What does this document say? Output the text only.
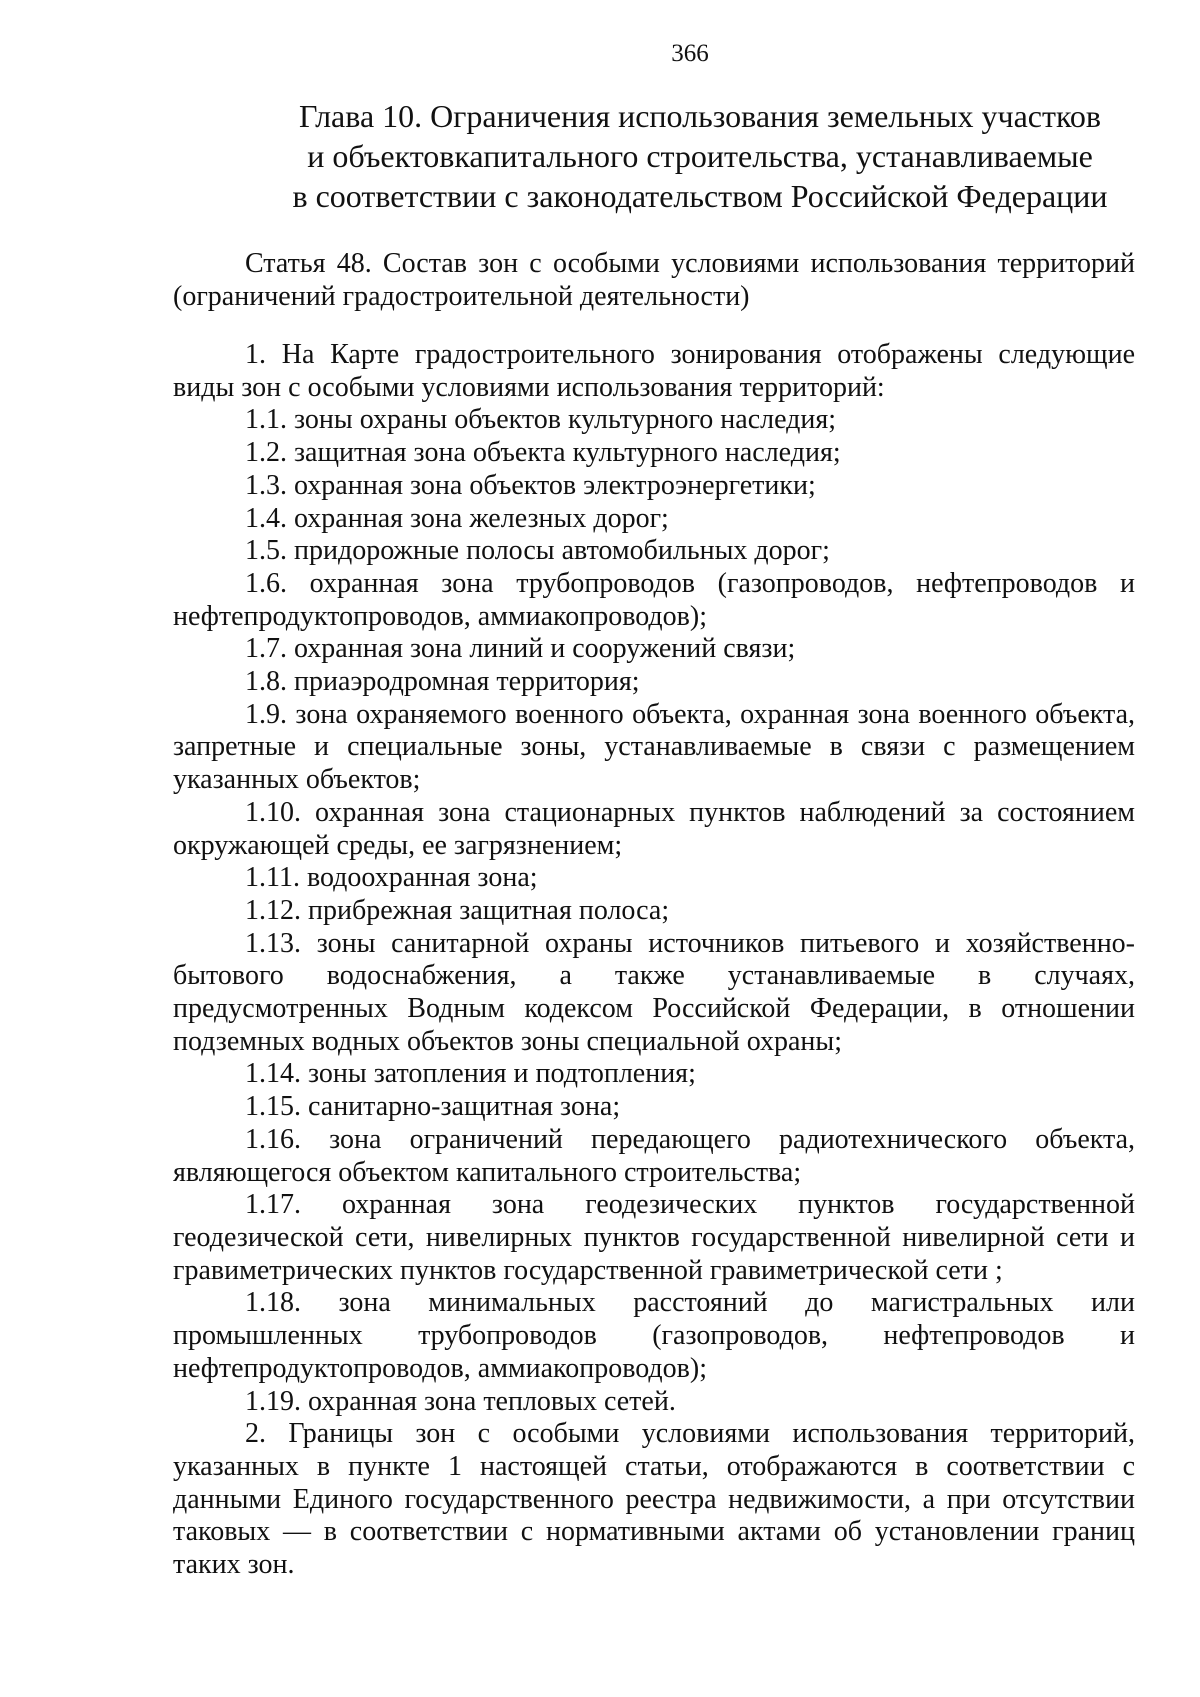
366
Глава 10. Ограничения использования земельных участков
и объектовкапитального строительства, устанавливаемые
в соответствии с законодательством Российской Федерации

Статья 48. Состав зон с особыми условиями использования территорий (ограничений градостроительной деятельности)

1. На Карте градостроительного зонирования отображены следующие виды зон с особыми условиями использования территорий:

1.1. зоны охраны объектов культурного наследия;

1.2. защитная зона объекта культурного наследия;

1.3. охранная зона объектов электроэнергетики;

1.4. охранная зона железных дорог;

1.5. придорожные полосы автомобильных дорог;

1.6. охранная зона трубопроводов (газопроводов, нефтепроводов и нефтепродуктопроводов, аммиакопроводов);

1.7. охранная зона линий и сооружений связи;

1.8. приаэродромная территория;

1.9. зона охраняемого военного объекта, охранная зона военного объекта, запретные и специальные зоны, устанавливаемые в связи с размещением указанных объектов;

1.10. охранная зона стационарных пунктов наблюдений за состоянием окружающей среды, ее загрязнением;

1.11. водоохранная зона;

1.12. прибрежная защитная полоса;

1.13. зоны санитарной охраны источников питьевого и хозяйственно-бытового водоснабжения, а также устанавливаемые в случаях, предусмотренных Водным кодексом Российской Федерации, в отношении подземных водных объектов зоны специальной охраны;

1.14. зоны затопления и подтопления;

1.15. санитарно-защитная зона;

1.16. зона ограничений передающего радиотехнического объекта, являющегося объектом капитального строительства;

1.17. охранная зона геодезических пунктов государственной геодезической сети, нивелирных пунктов государственной нивелирной сети и гравиметрических пунктов государственной гравиметрической сети ;

1.18. зона минимальных расстояний до магистральных или промышленных трубопроводов (газопроводов, нефтепроводов и нефтепродуктопроводов, аммиакопроводов);

1.19. охранная зона тепловых сетей.

2. Границы зон с особыми условиями использования территорий, указанных в пункте 1 настоящей статьи, отображаются в соответствии с данными Единого государственного реестра недвижимости, а при отсутствии таковых — в соответствии с нормативными актами об установлении границ таких зон.
